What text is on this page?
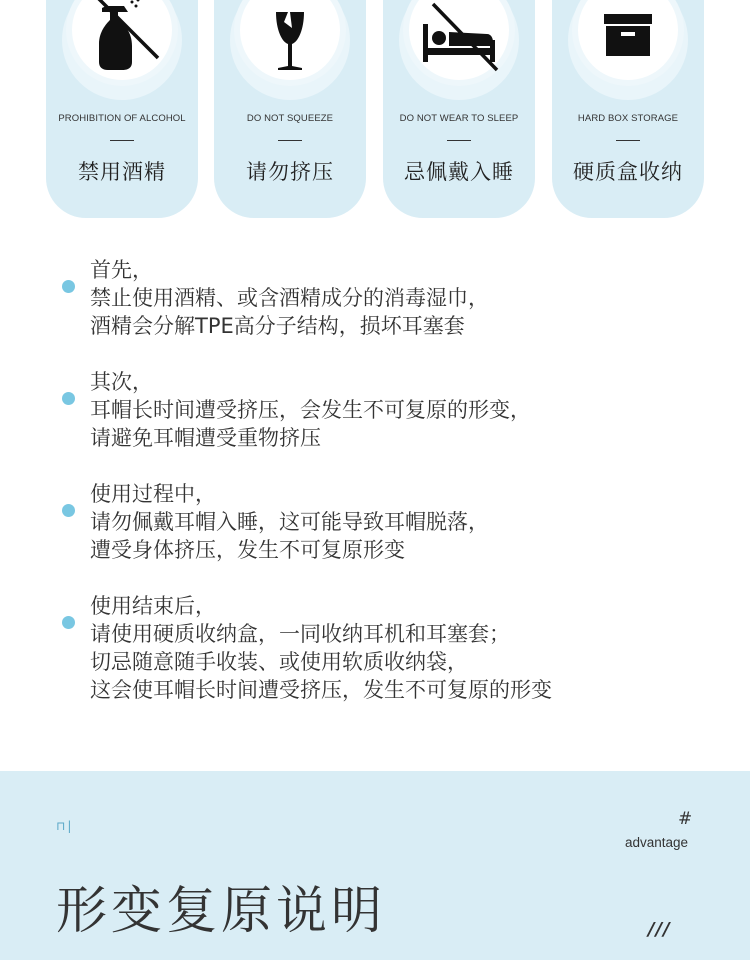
PROHIBITION OF ALCOHOL
禁用酒精
DO NOT SQUEEZE
请勿挤压
DO NOT WEAR TO SLEEP
忌佩戴入睡
HARD BOX STORAGE
硬质盒收纳
首先，
禁止使用酒精、或含酒精成分的消毒湿巾，
酒精会分解TPE高分子结构，损坏耳塞套
其次，
耳帽长时间遭受挤压，会发生不可复原的形变，
请避免耳帽遭受重物挤压
使用过程中，
请勿佩戴耳帽入睡，这可能导致耳帽脱落，
遭受身体挤压，发生不可复原形变
使用结束后，
请使用硬质收纳盒，一同收纳耳机和耳塞套；
切忌随意随手收装、或使用软质收纳袋，
这会使耳帽长时间遭受挤压，发生不可复原的形变
⊓|	#
advantage
形变复原说明	///
